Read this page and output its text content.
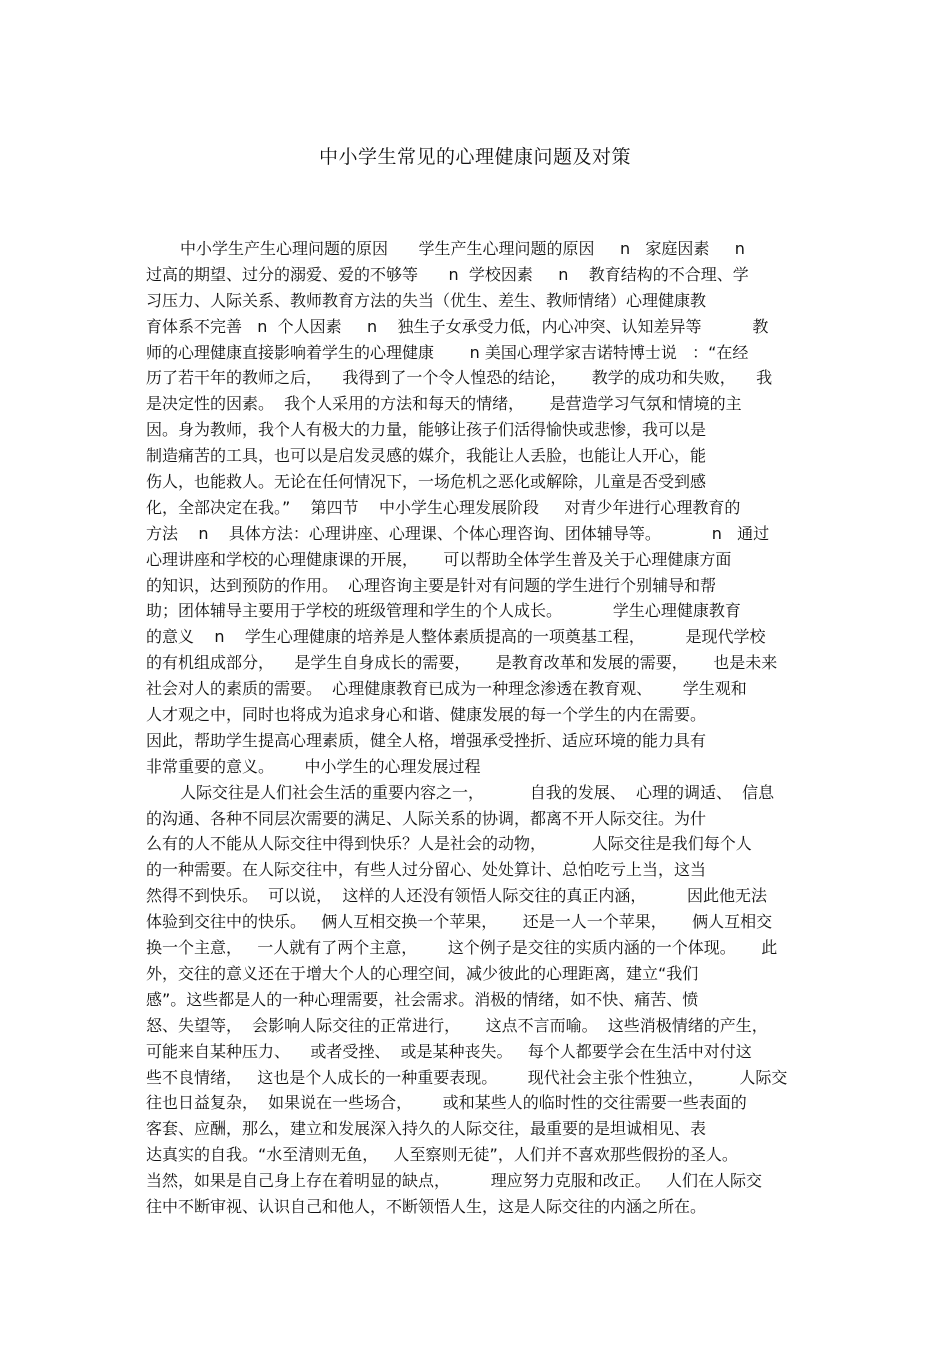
中小学生常见的心理健康问题及对策
中小学生产生心理问题的原因      学生产生心理问题的原因     n   家庭因素     n
过高的期望、过分的溺爱、爱的不够等      n  学校因素     n    教育结构的不合理、学
习压力、人际关系、教师教育方法的失当（优生、差生、教师情绪）心理健康教
育体系不完善   n  个人因素     n    独生子女承受力低，内心冲突、认知差异等          教
师的心理健康直接影响着学生的心理健康       n 美国心理学家吉诺特博士说   ：“在经
历了若干年的教师之后，    我得到了一个令人惶恐的结论，     教学的成功和失败，    我
是决定性的因素。  我个人采用的方法和每天的情绪，     是营造学习气氛和情境的主
因。身为教师，我个人有极大的力量，能够让孩子们活得愉快或悲惨，我可以是
制造痛苦的工具，也可以是启发灵感的媒介，我能让人丢脸，也能让人开心，能
伤人，也能救人。无论在任何情况下，一场危机之恶化或解除，儿童是否受到感
化，全部决定在我。”    第四节    中小学生心理发展阶段     对青少年进行心理教育的
方法    n    具体方法：心理讲座、心理课、个体心理咨询、团体辅导等。          n   通过
心理讲座和学校的心理健康课的开展，     可以帮助全体学生普及关于心理健康方面
的知识，达到预防的作用。  心理咨询主要是针对有问题的学生进行个别辅导和帮
助；团体辅导主要用于学校的班级管理和学生的个人成长。          学生心理健康教育
的意义    n    学生心理健康的培养是人整体素质提高的一项奠基工程，        是现代学校
的有机组成部分，    是学生自身成长的需要，     是教育改革和发展的需要，     也是未来
社会对人的素质的需要。  心理健康教育已成为一种理念渗透在教育观、      学生观和
人才观之中，同时也将成为追求身心和谐、健康发展的每一个学生的内在需要。
因此，帮助学生提高心理素质，健全人格，增强承受挫折、适应环境的能力具有
非常重要的意义。      中小学生的心理发展过程
人际交往是人们社会生活的重要内容之一，         自我的发展、  心理的调适、  信息
的沟通、各种不同层次需要的满足、人际关系的协调，都离不开人际交往。为什
么有的人不能从人际交往中得到快乐？人是社会的动物，         人际交往是我们每个人
的一种需要。在人际交往中，有些人过分留心、处处算计、总怕吃亏上当，这当
然得不到快乐。  可以说，  这样的人还没有领悟人际交往的真正内涵，        因此他无法
体验到交往中的快乐。   俩人互相交换一个苹果，     还是一人一个苹果，     俩人互相交
换一个主意，   一人就有了两个主意，      这个例子是交往的实质内涵的一个体现。     此
外，交往的意义还在于增大个人的心理空间，减少彼此的心理距离，建立“我们
感”。这些都是人的一种心理需要，社会需求。消极的情绪，如不快、痛苦、愤
怒、失望等，  会影响人际交往的正常进行，     这点不言而喻。  这些消极情绪的产生，
可能来自某种压力、    或者受挫、  或是某种丧失。   每个人都要学会在生活中对付这
些不良情绪，   这也是个人成长的一种重要表现。      现代社会主张个性独立，       人际交
往也日益复杂，  如果说在一些场合，      或和某些人的临时性的交往需要一些表面的
客套、应酬，那么，建立和发展深入持久的人际交往，最重要的是坦诚相见、表
达真实的自我。“水至清则无鱼，   人至察则无徒”，人们并不喜欢那些假扮的圣人。
当然，如果是自己身上存在着明显的缺点，        理应努力克服和改正。   人们在人际交
往中不断审视、认识自己和他人，不断领悟人生，这是人际交往的内涵之所在。
